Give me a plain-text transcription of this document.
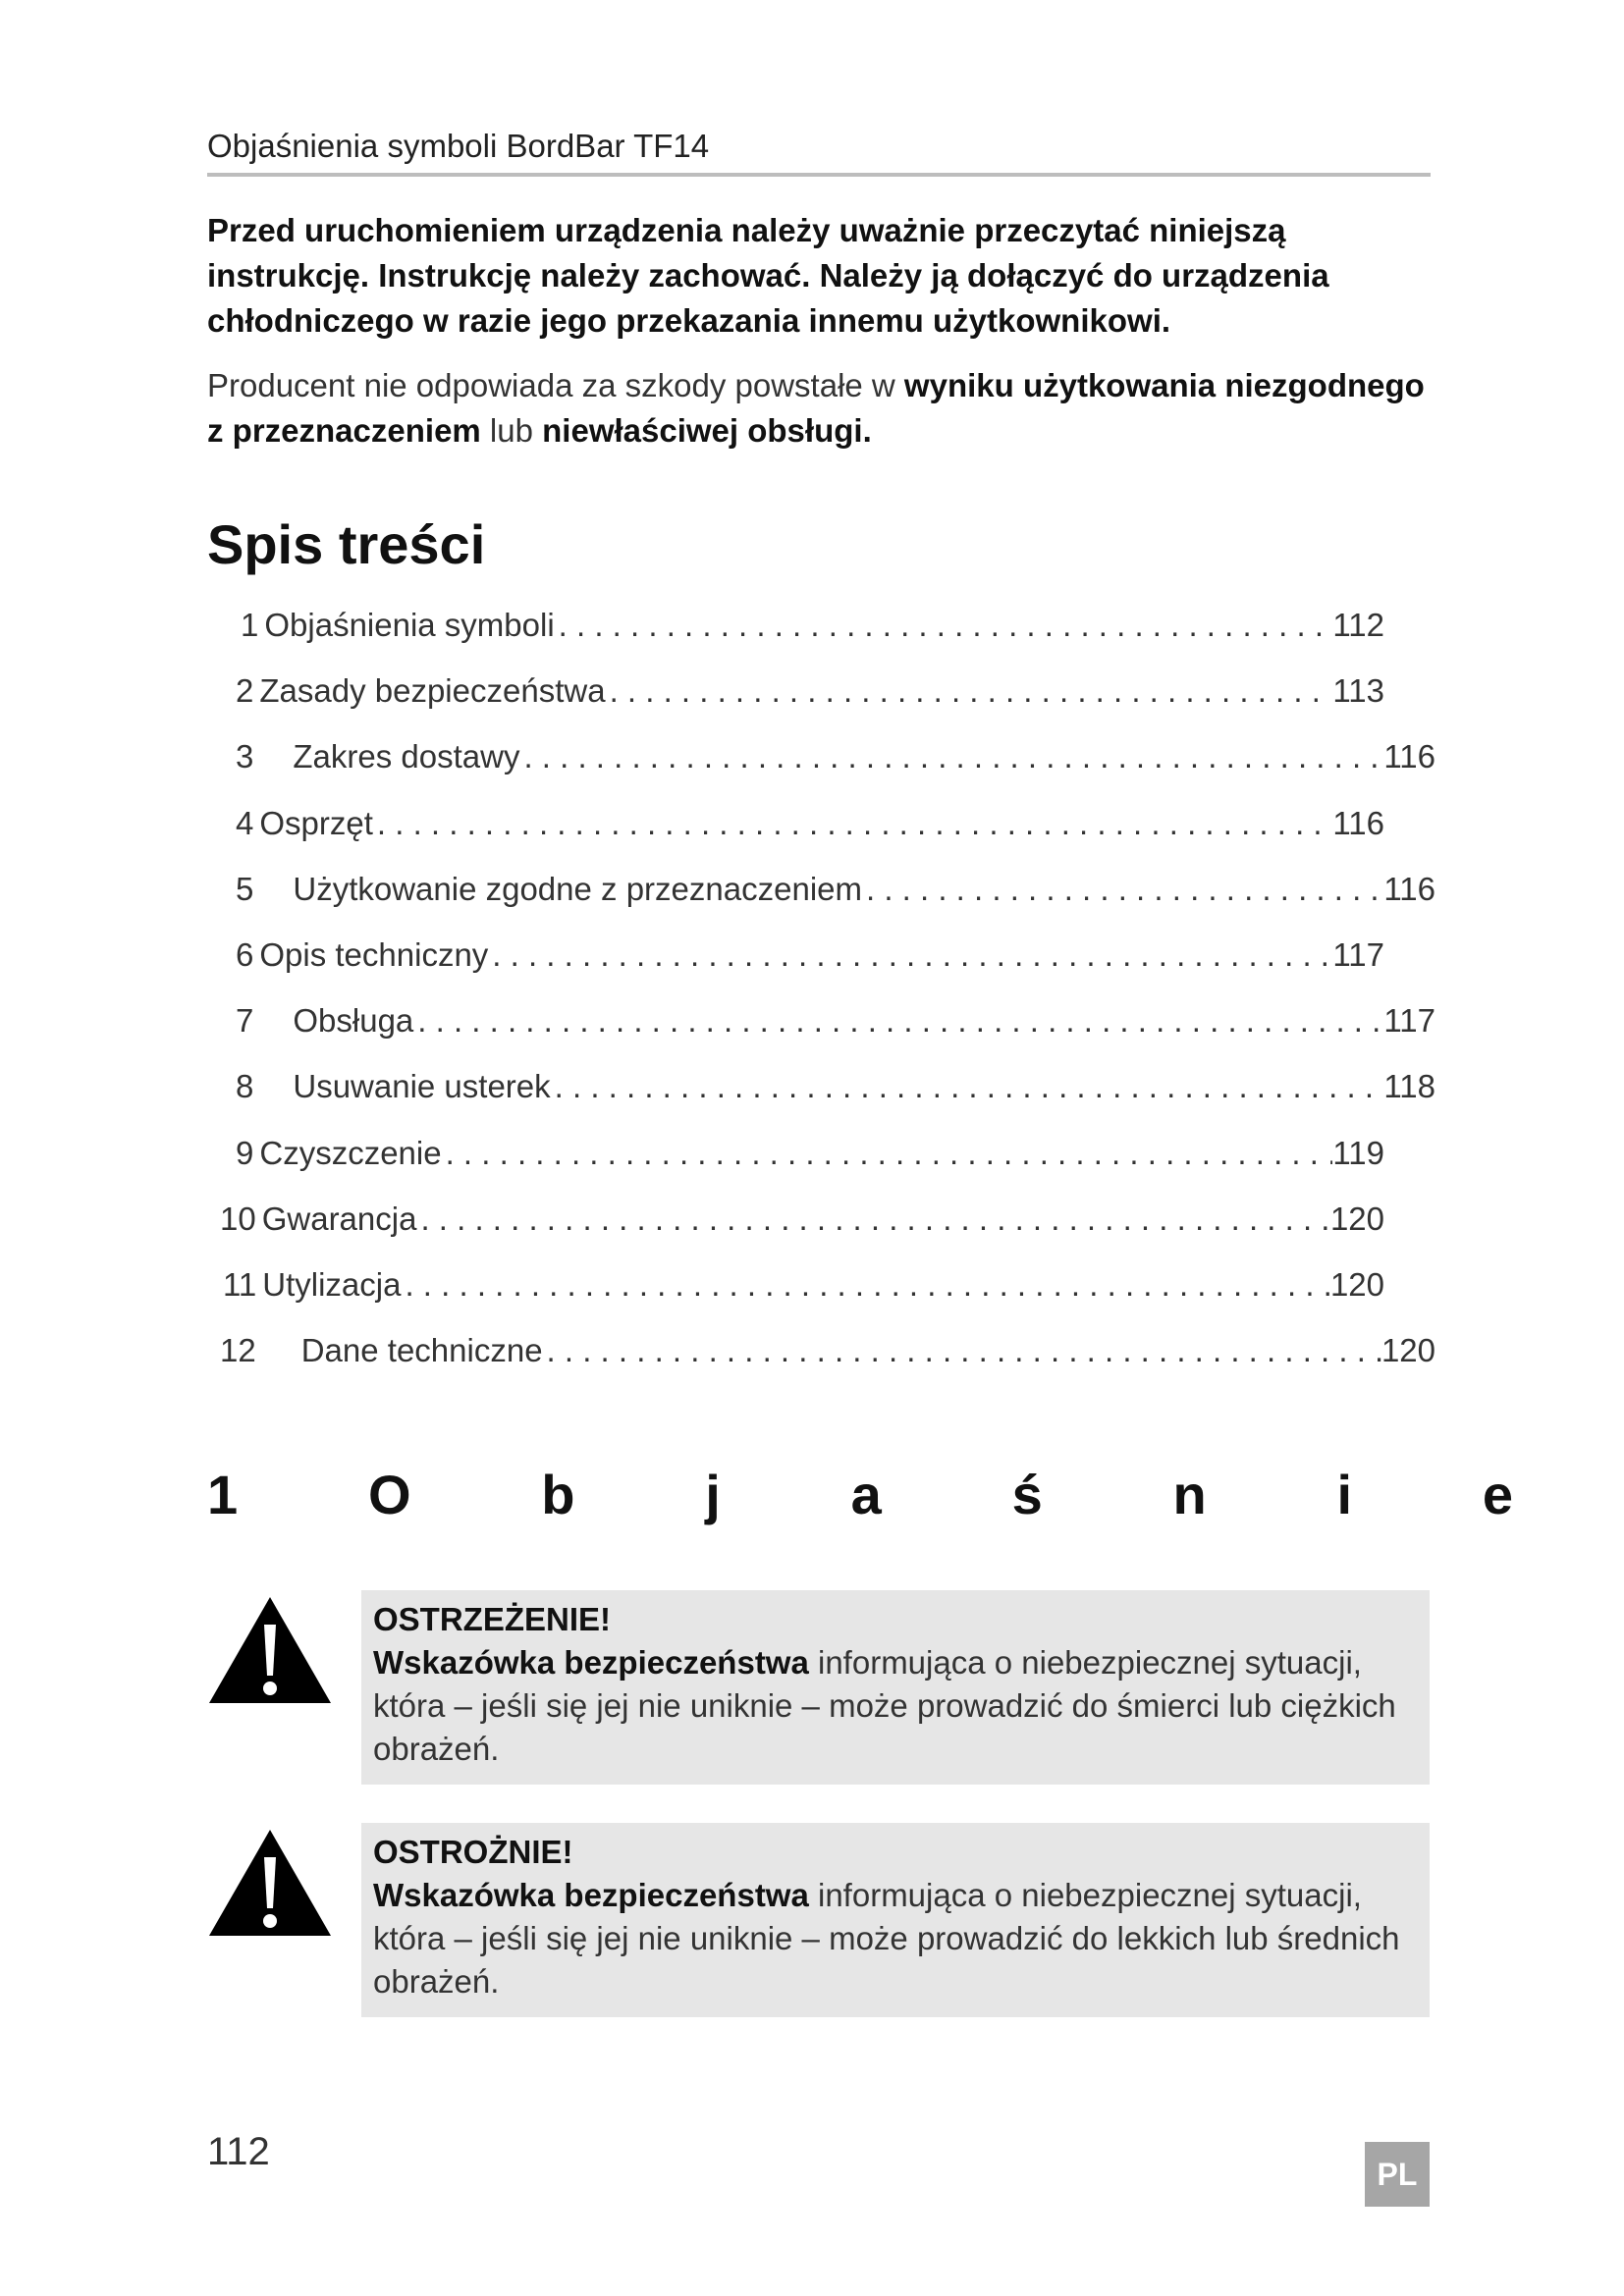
Objaśnienia symboli BordBar TF14
Przed uruchomieniem urządzenia należy uważnie przeczytać niniejszą instrukcję. Instrukcję należy zachować. Należy ją dołączyć do urządzenia chłodniczego w razie jego przekazania innemu użytkownikowi.
Producent nie odpowiada za szkody powstałe w wyniku użytkowania niezgodnego z przeznaczeniem lub niewłaściwej obsługi.
Spis treści
1 Objaśnienia symboli . . .	112
2 Zasady bezpieczeństwa . . .	113
3	Zakres dostawy . . .	116
4 Osprzęt . . .	116
5	Użytkowanie zgodne z przeznaczeniem . . .	116
6 Opis techniczny . . .	117
7	Obsługa . . .	117
8	Usuwanie usterek . . .	118
9 Czyszczenie . . .	119
10 Gwarancja . . .	120
11 Utylizacja . . .	120
12	Dane techniczne . . .	120
1 O b j a ś n i e
OSTRZEŻENIE!
Wskazówka bezpieczeństwa informująca o niebezpiecznej sytuacji, która – jeśli się jej nie uniknie – może prowadzić do śmierci lub ciężkich obrażeń.
OSTROŻNIE!
Wskazówka bezpieczeństwa informująca o niebezpiecznej sytuacji, która – jeśli się jej nie uniknie – może prowadzić do lekkich lub średnich obrażeń.
112
PL
